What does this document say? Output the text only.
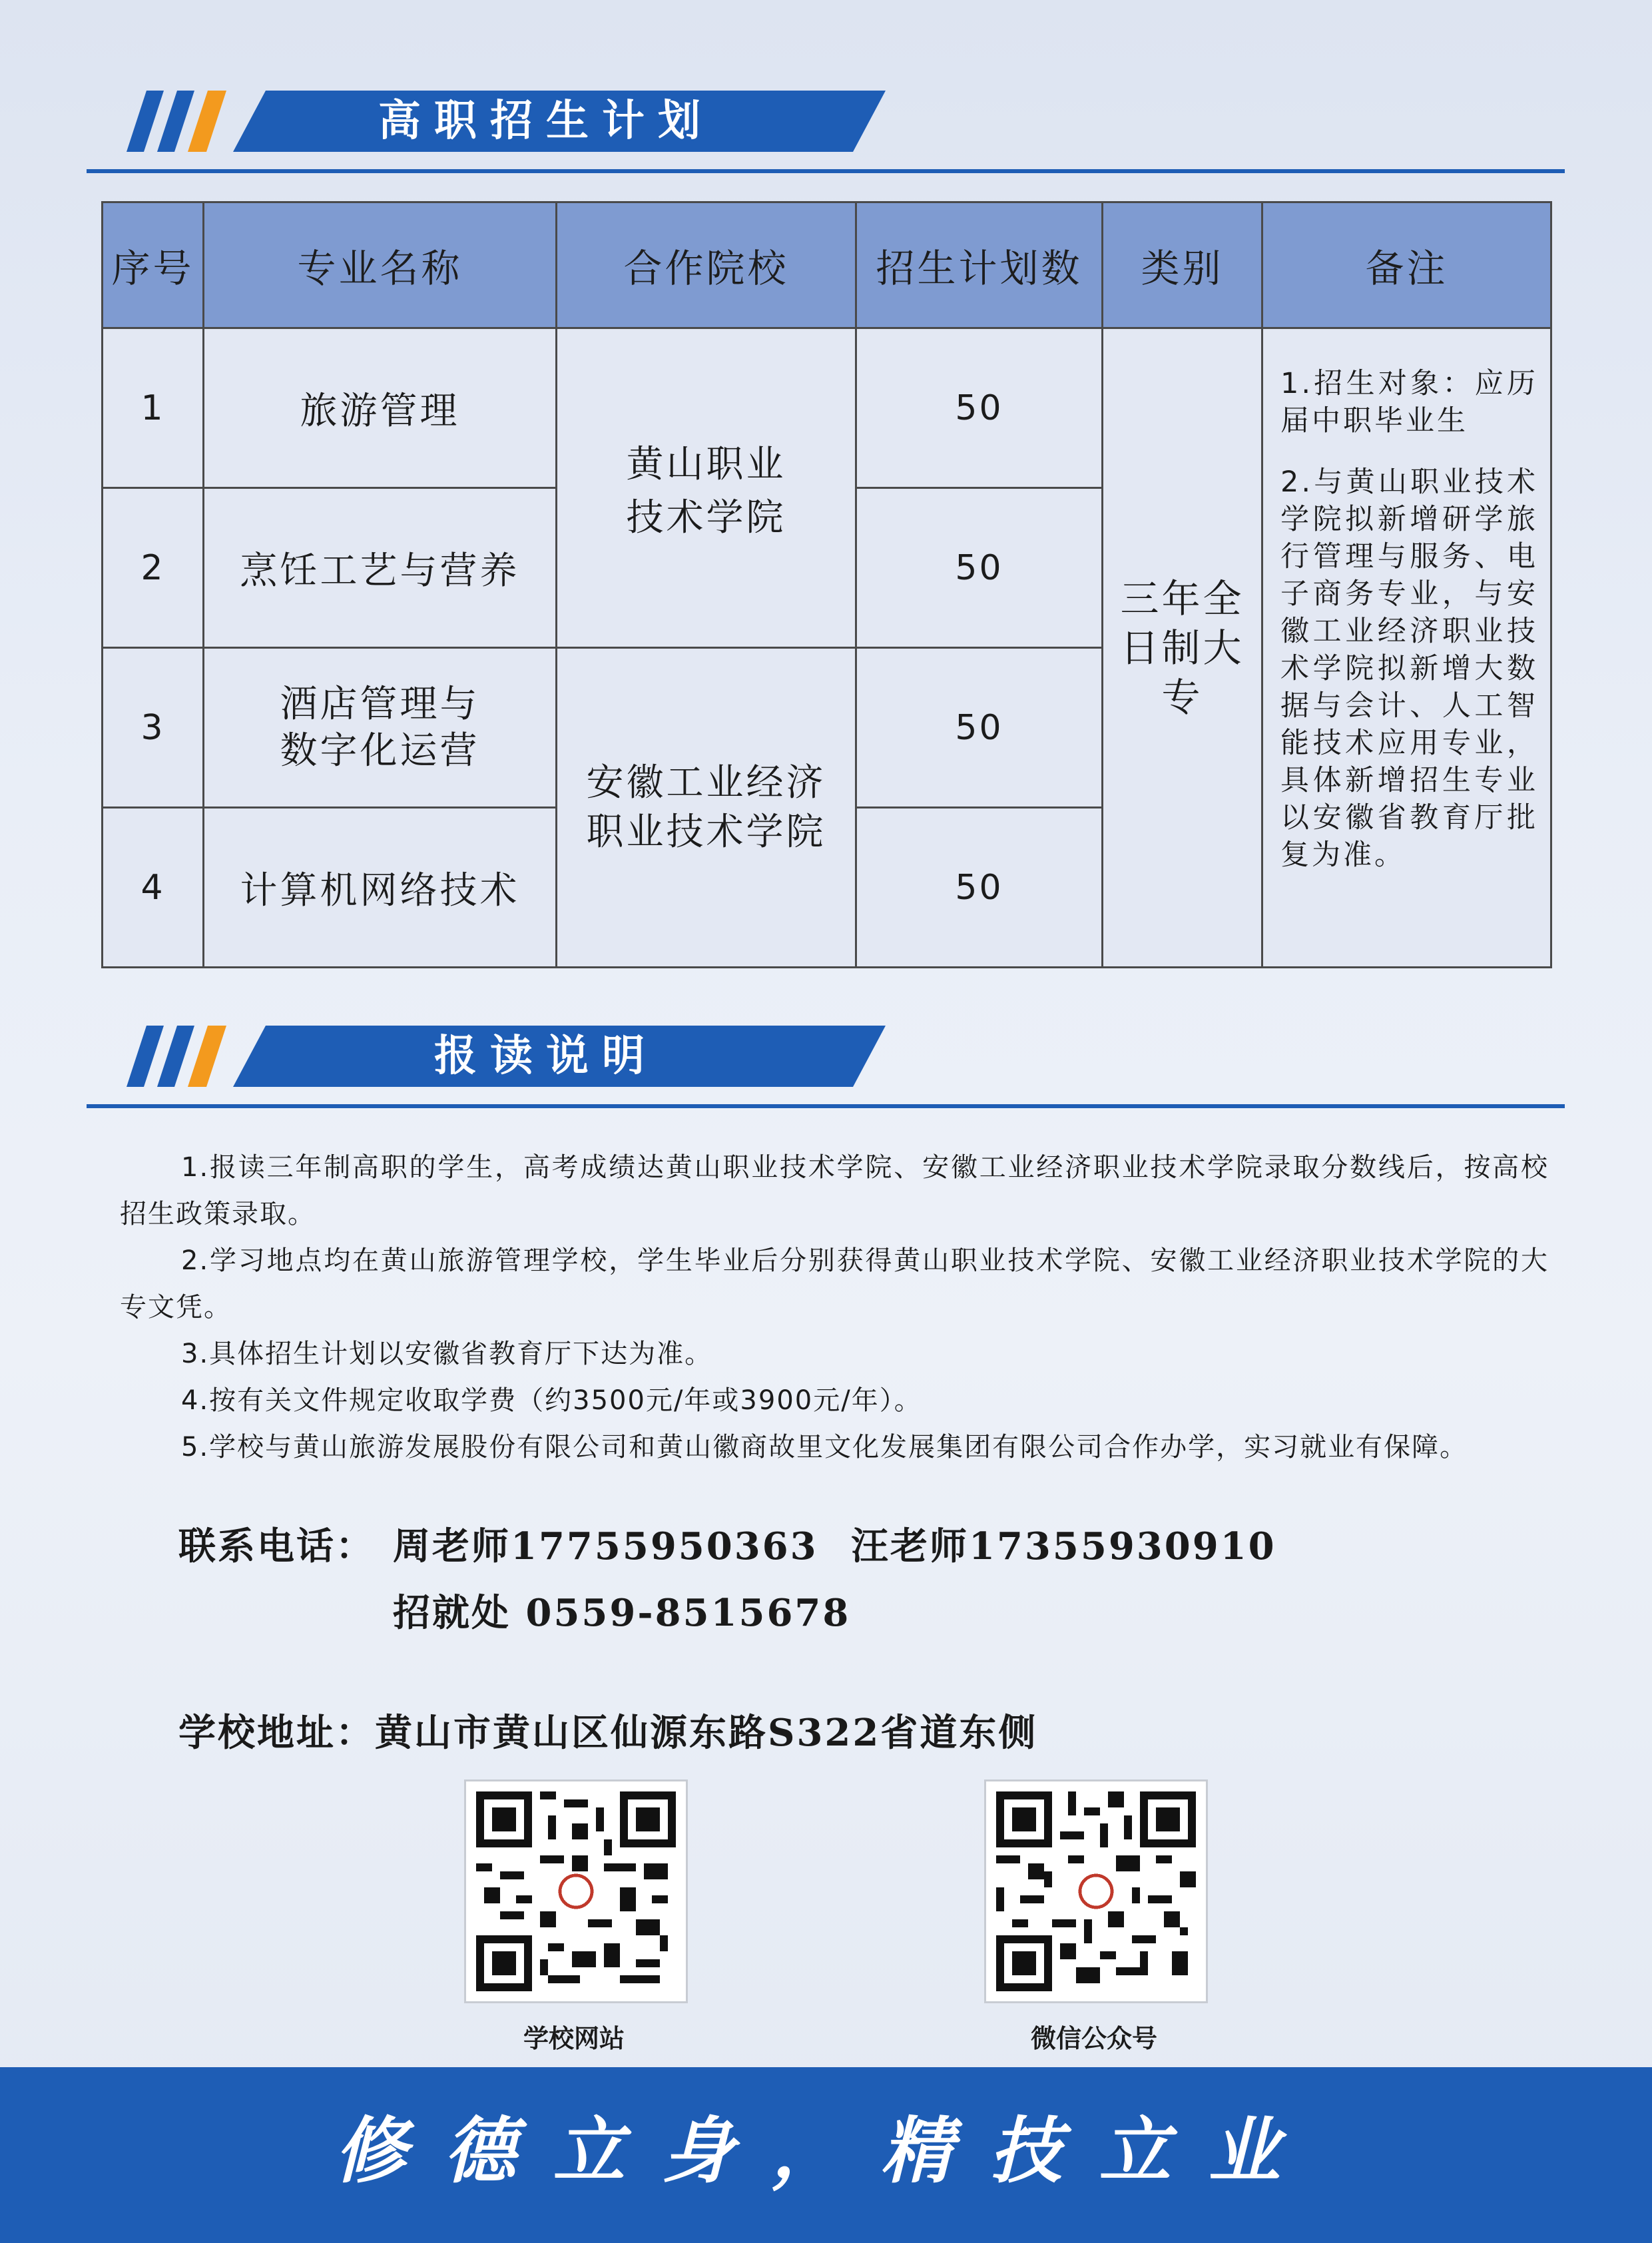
高职招生计划
序号	专业名称	合作院校	招生计划数	类别	备注
1	旅游管理	黄山职业技术学院	50	三年全日制大专	1.招生对象：应历届中职毕业生

2.与黄山职业技术学院拟新增研学旅行管理与服务、电子商务专业，与安徽工业经济职业技术学院拟新增大数据与会计、人工智能技术应用专业，具体新增招生专业以安徽省教育厅批复为准。

2	烹饪工艺与营养		50		
3	酒店管理与数字化运营	安徽工业经济职业技术学院	50		
4	计算机网络技术		50		
报读说明

1.报读三年制高职的学生，高考成绩达黄山职业技术学院、安徽工业经济职业技术学院录取分数线后，按高校招生政策录取。

2.学习地点均在黄山旅游管理学校，学生毕业后分别获得黄山职业技术学院、安徽工业经济职业技术学院的大专文凭。

3.具体招生计划以安徽省教育厅下达为准。

4.按有关文件规定收取学费（约3500元/年或3900元/年）。

5.学校与黄山旅游发展股份有限公司和黄山徽商故里文化发展集团有限公司合作办学，实习就业有保障。

联系电话： 周老师17755950363 汪老师17355930910
招就处 0559-8515678
学校地址：黄山市黄山区仙源东路S322省道东侧
学校网站	微信公众号
修德立身，精技立业
